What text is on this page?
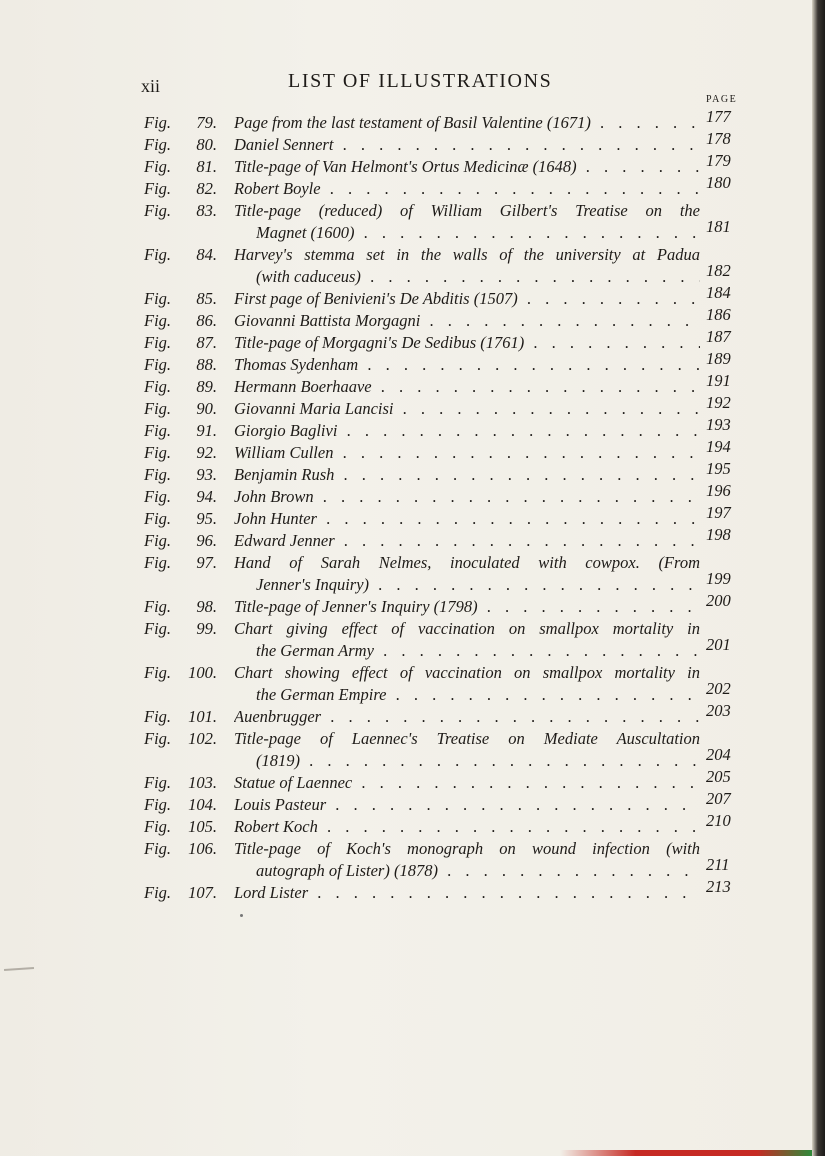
xii	LIST OF ILLUSTRATIONS
PAGE
Fig.	79. Page from the last testament of Basil Valentine (1671) . . .	177
Fig.	80. Daniel Sennert . . .	178
Fig.	81. Title-page of Van Helmont's Ortus Medicinæ (1648) . . .	179
Fig.	82. Robert Boyle . . .	180
Fig.	83. Title-page (reduced) of William Gilbert's Treatise on the
Magnet (1600) . . .	181
Fig.	84. Harvey's stemma set in the walls of the university at Padua
(with caduceus) . . .	182
Fig.	85. First page of Benivieni's De Abditis (1507) . . .	184
Fig.	86. Giovanni Battista Morgagni . . .	186
Fig.	87. Title-page of Morgagni's De Sedibus (1761) . . .	187
Fig.	88. Thomas Sydenham . . .	189
Fig.	89. Hermann Boerhaave . . .	191
Fig.	90. Giovanni Maria Lancisi . . .	192
Fig.	91. Giorgio Baglivi . . .	193
Fig.	92. William Cullen . . .	194
Fig.	93. Benjamin Rush . . .	195
Fig.	94. John Brown . . .	196
Fig.	95. John Hunter . . .	197
Fig.	96. Edward Jenner . . .	198
Fig.	97. Hand of Sarah Nelmes, inoculated with cowpox. (From
Jenner's Inquiry) . . .	199
Fig.	98. Title-page of Jenner's Inquiry (1798) . . .	200
Fig.	99. Chart giving effect of vaccination on smallpox mortality in
the German Army . . .	201
Fig.	100. Chart showing effect of vaccination on smallpox mortality in
the German Empire . . .	202
Fig.	101. Auenbrugger . . .	203
Fig.	102. Title-page of Laennec's Treatise on Mediate Auscultation
(1819) . . .	204
Fig.	103. Statue of Laennec . . .	205
Fig.	104. Louis Pasteur . . .	207
Fig.	105. Robert Koch . . .	210
Fig.	106. Title-page of Koch's monograph on wound infection (with
autograph of Lister) (1878) . . .	211
Fig.	107. Lord Lister . . .	213
